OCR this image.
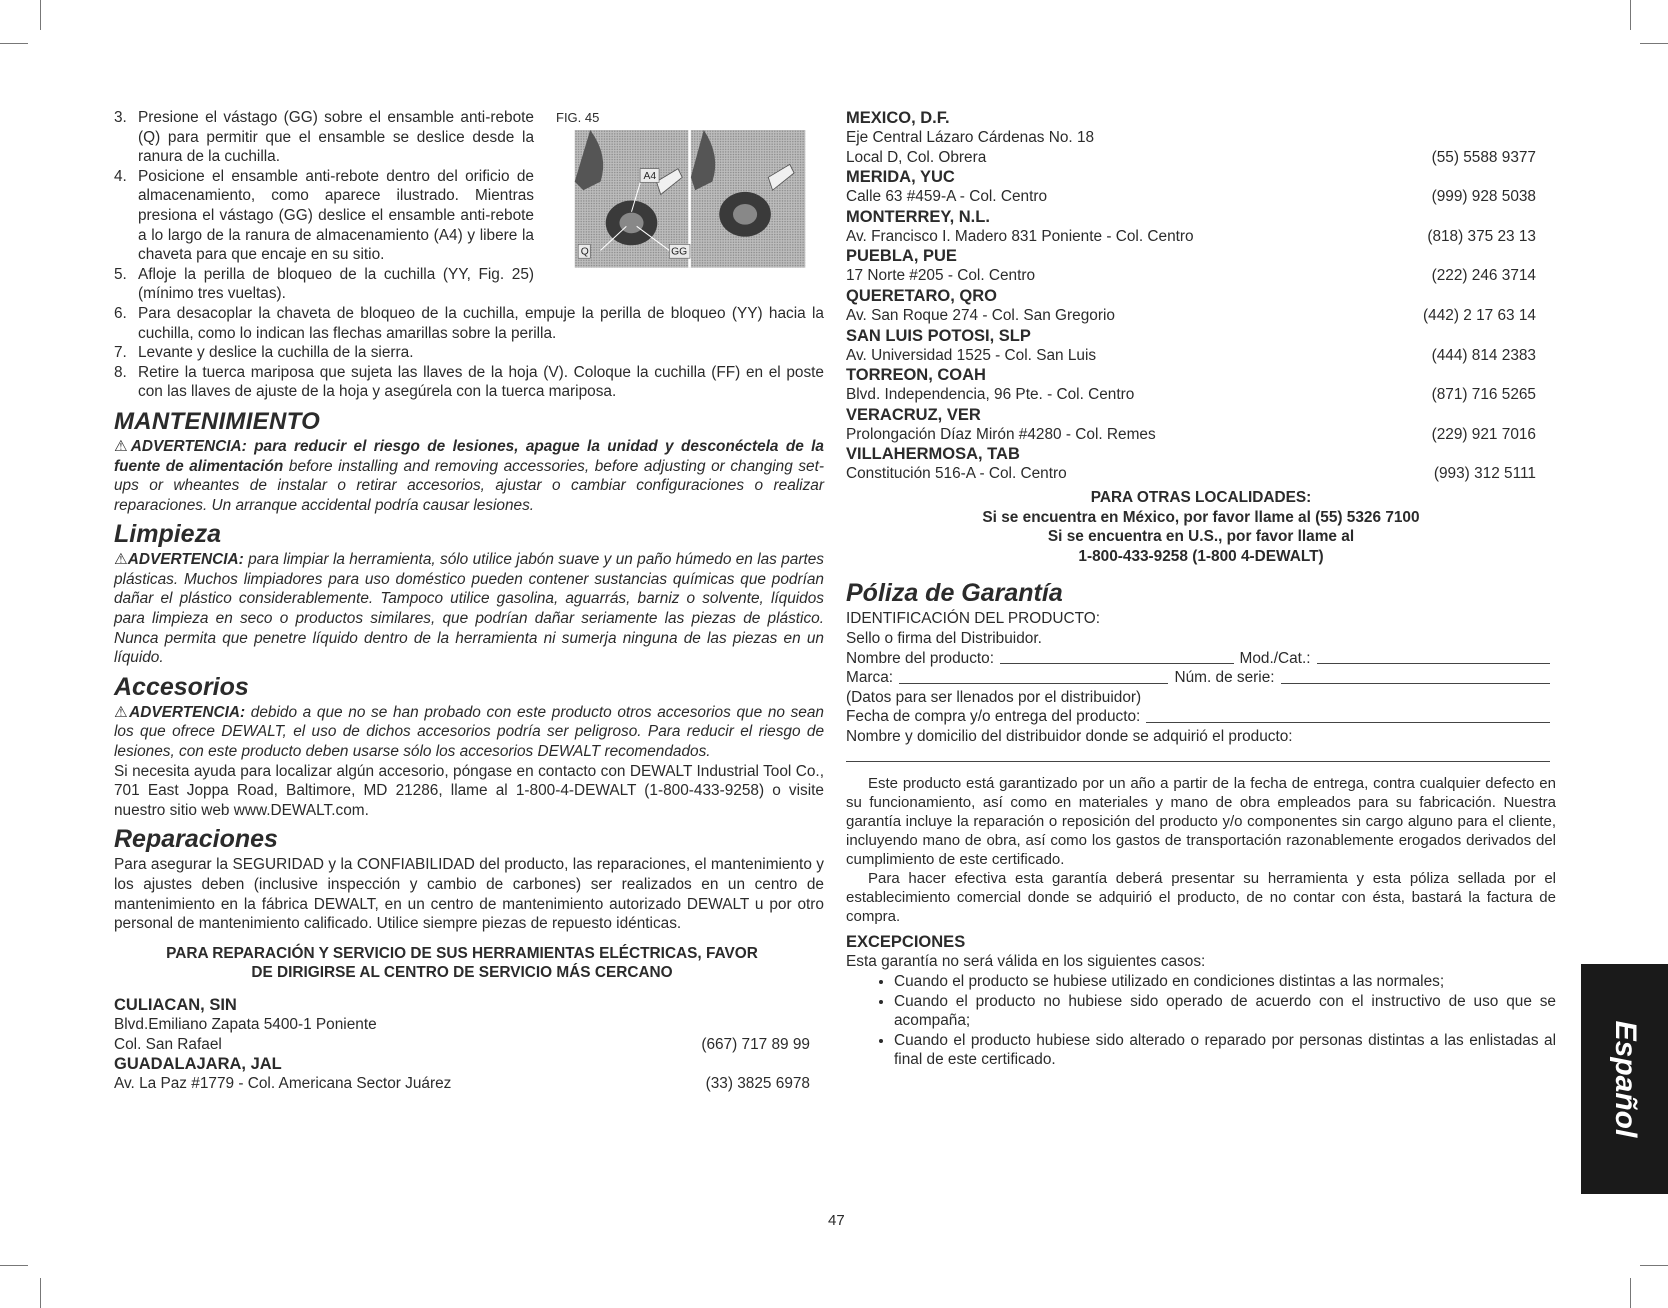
FIG. 45
A4
Q	GG
3. Presione el vástago (GG) sobre el ensamble anti-rebote (Q) para permitir que el ensamble se deslice desde la ranura de la cuchilla.
4. Posicione el ensamble anti-rebote dentro del orificio de almacenamiento, como aparece ilustrado. Mientras presiona el vástago (GG) deslice el ensamble anti-rebote a lo largo de la ranura de almacenamiento (A4) y libere la chaveta para que encaje en su sitio.
5. Afloje la perilla de bloqueo de la cuchilla (YY, Fig. 25) (mínimo tres vueltas).
6. Para desacoplar la chaveta de bloqueo de la cuchilla, empuje la perilla de bloqueo (YY) hacia la cuchilla, como lo indican las flechas amarillas sobre la perilla.
7. Levante y deslice la cuchilla de la sierra.
8. Retire la tuerca mariposa que sujeta las llaves de la hoja (V). Coloque la cuchilla (FF) en el poste con las llaves de ajuste de la hoja y asegúrela con la tuerca mariposa.
MANTENIMIENTO
⚠ADVERTENCIA: para reducir el riesgo de lesiones, apague la unidad y desconéctela de la fuente de alimentación before installing and removing accessories, before adjusting or changing set-ups or wheantes de instalar o retirar accesorios, ajustar o cambiar configuraciones o realizar reparaciones. Un arranque accidental podría causar lesiones.
Limpieza
⚠ADVERTENCIA: para limpiar la herramienta, sólo utilice jabón suave y un paño húmedo en las partes plásticas. Muchos limpiadores para uso doméstico pueden contener sustancias químicas que podrían dañar el plástico considerablemente. Tampoco utilice gasolina, aguarrás, barniz o solvente, líquidos para limpieza en seco o productos similares, que podrían dañar seriamente las piezas de plástico. Nunca permita que penetre líquido dentro de la herramienta ni sumerja ninguna de las piezas en un líquido.
Accesorios
⚠ADVERTENCIA: debido a que no se han probado con este producto otros accesorios que no sean los que ofrece DEWALT, el uso de dichos accesorios podría ser peligroso. Para reducir el riesgo de lesiones, con este producto deben usarse sólo los accesorios DEWALT recomendados.
Si necesita ayuda para localizar algún accesorio, póngase en contacto con DEWALT Industrial Tool Co., 701 East Joppa Road, Baltimore, MD 21286, llame al 1-800-4-DEWALT (1-800-433-9258) o visite nuestro sitio web www.DEWALT.com.
Reparaciones
Para asegurar la SEGURIDAD y la CONFIABILIDAD del producto, las reparaciones, el mantenimiento y los ajustes deben (inclusive inspección y cambio de carbones) ser realizados en un centro de mantenimiento en la fábrica DEWALT, en un centro de mantenimiento autorizado DEWALT u por otro personal de mantenimiento calificado. Utilice siempre piezas de repuesto idénticas.
PARA REPARACIÓN Y SERVICIO DE SUS HERRAMIENTAS ELÉCTRICAS, FAVOR
DE DIRIGIRSE AL CENTRO DE SERVICIO MÁS CERCANO
CULIACAN, SIN
Blvd.Emiliano Zapata 5400-1 Poniente
Col. San Rafael	(667) 717 89 99
GUADALAJARA, JAL
Av. La Paz #1779 - Col. Americana Sector Juárez	(33) 3825 6978
MEXICO, D.F.
Eje Central Lázaro Cárdenas No. 18
Local D, Col. Obrera	(55) 5588 9377
MERIDA, YUC
Calle 63 #459-A - Col. Centro	(999) 928 5038
MONTERREY, N.L.
Av. Francisco I. Madero 831 Poniente - Col. Centro	(818) 375 23 13
PUEBLA, PUE
17 Norte #205 - Col. Centro	(222) 246 3714
QUERETARO, QRO
Av. San Roque 274 - Col. San Gregorio	(442) 2 17 63 14
SAN LUIS POTOSI, SLP
Av. Universidad 1525 - Col. San Luis	(444) 814 2383
TORREON, COAH
Blvd. Independencia, 96 Pte. - Col. Centro	(871) 716 5265
VERACRUZ, VER
Prolongación Díaz Mirón #4280 - Col. Remes	(229) 921 7016
VILLAHERMOSA, TAB
Constitución 516-A - Col. Centro	(993) 312 5111
PARA OTRAS LOCALIDADES:
Si se encuentra en México, por favor llame al (55) 5326 7100
Si se encuentra en U.S., por favor llame al
1-800-433-9258 (1-800 4-DEWALT)
Póliza de Garantía
IDENTIFICACIÓN DEL PRODUCTO:
Sello o firma del Distribuidor.
Nombre del producto:	Mod./Cat.:
Marca:	Núm. de serie:
(Datos para ser llenados por el distribuidor)
Fecha de compra y/o entrega del producto:
Nombre y domicilio del distribuidor donde se adquirió el producto:
Este producto está garantizado por un año a partir de la fecha de entrega, contra cualquier defecto en su funcionamiento, así como en materiales y mano de obra empleados para su fabricación. Nuestra garantía incluye la reparación o reposición del producto y/o componentes sin cargo alguno para el cliente, incluyendo mano de obra, así como los gastos de transportación razonablemente erogados derivados del cumplimiento de este certificado.
Para hacer efectiva esta garantía deberá presentar su herramienta y esta póliza sellada por el establecimiento comercial donde se adquirió el producto, de no contar con ésta, bastará la factura de compra.
EXCEPCIONES
Esta garantía no será válida en los siguientes casos:
• Cuando el producto se hubiese utilizado en condiciones distintas a las normales;
• Cuando el producto no hubiese sido operado de acuerdo con el instructivo de uso que se acompaña;
• Cuando el producto hubiese sido alterado o reparado por personas distintas a las enlistadas al final de este certificado.	Español
47
